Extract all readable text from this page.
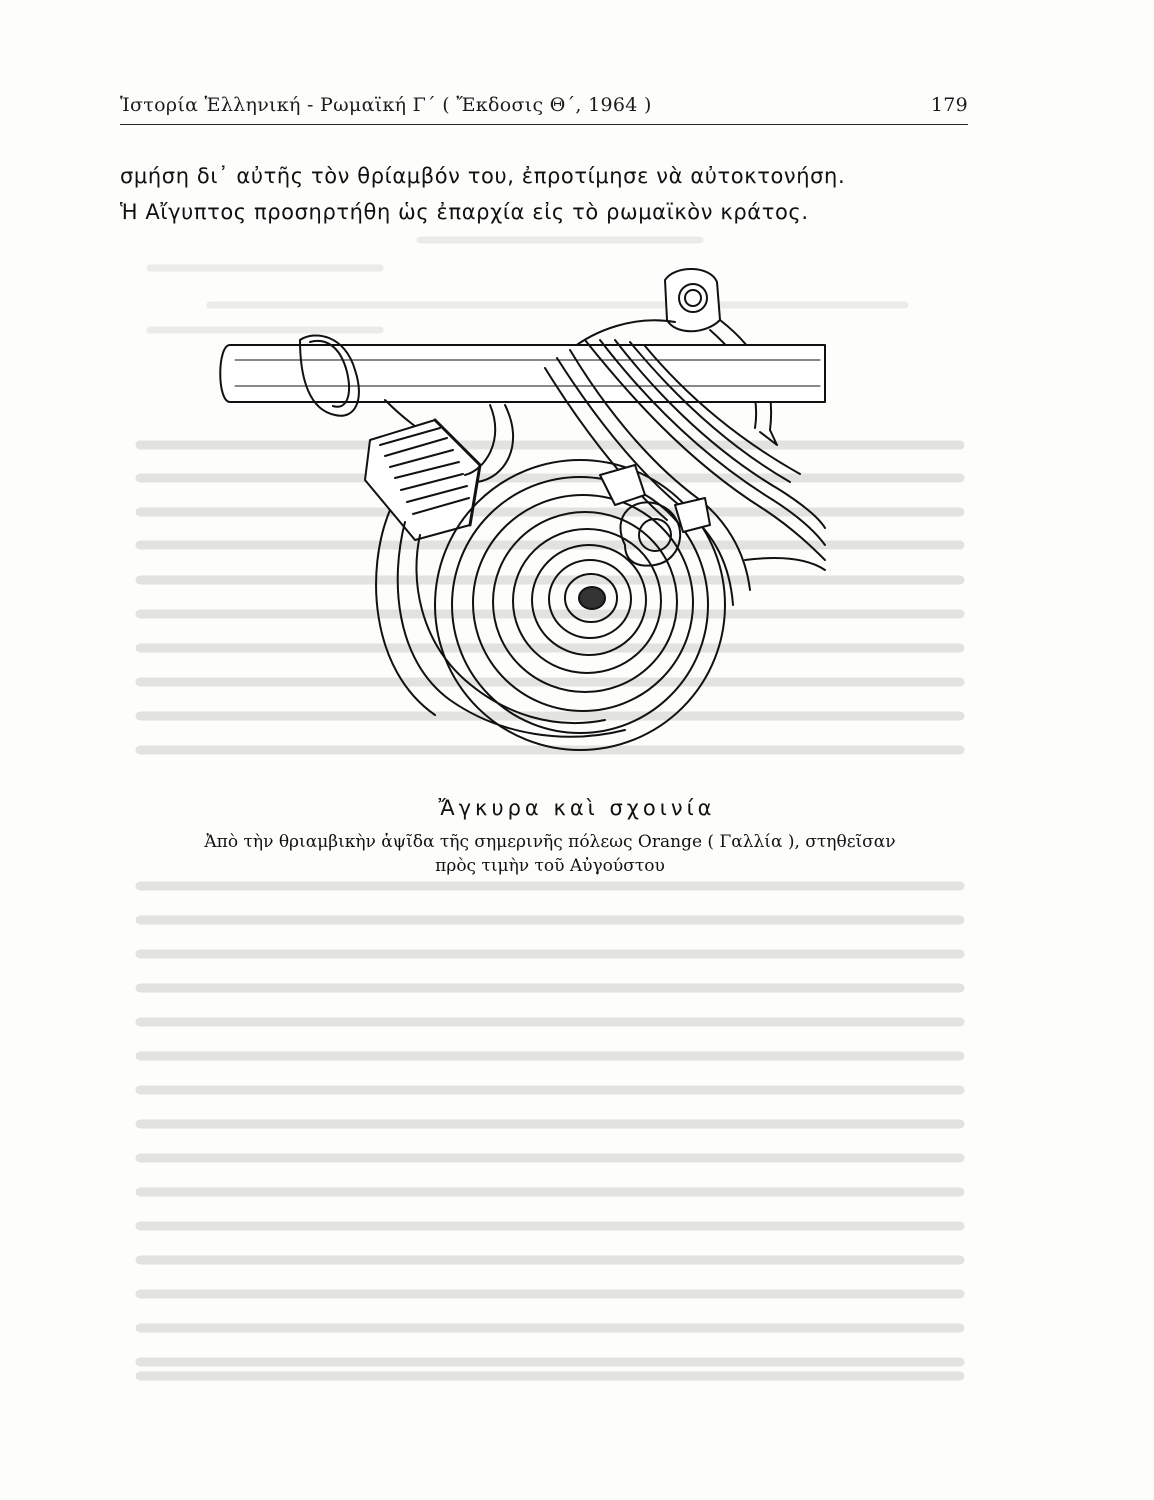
Ἱστορία Ἑλληνική - Ρωμαϊκή Γ΄ ( Ἔκδοσις Θ΄, 1964 )	179

σμήση δι᾽ αὐτῆς τὸν θρίαμβόν του, ἐπροτίμησε νὰ αὐτοκτονήση.

Ἡ Αἴγυπτος προσηρτήθη ὡς ἐπαρχία εἰς τὸ ρωμαϊκὸν κράτος.

Ἄγκυρα καὶ σχοινία
Ἀπὸ τὴν θριαμβικὴν ἁψῖδα τῆς σημερινῆς πόλεως Orange ( Γαλλία ), στηθεῖσαν
πρὸς τιμὴν τοῦ Αὐγούστου
